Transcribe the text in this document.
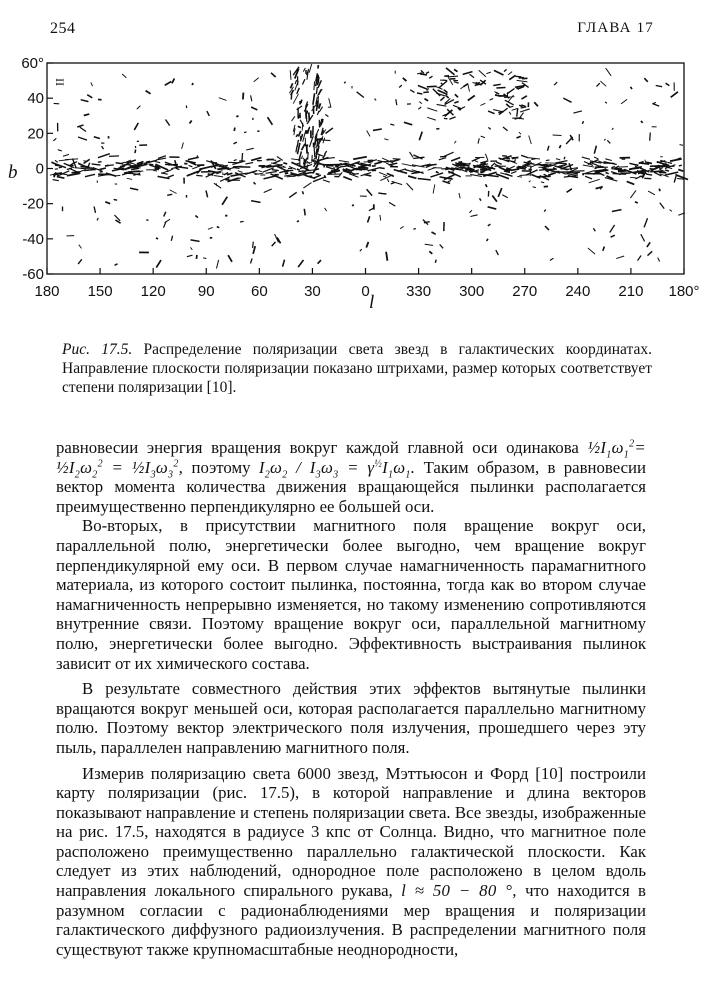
254	ГЛАВА 17
60°
40
20
0
-20
-40
-60
180 150 120 90 60 30	0 330 300 270 240 210 180°
b
l
II
Рис. 17.5. Распределение поляризации света звезд в галактических координатах. Направление плоскости поляризации показано штрихами, размер которых соответствует степени поляризации [10].

равновесии энергия вращения вокруг каждой главной оси одинакова $\frac{1}{2}I_1\omega_1^2=$ $\frac{1}{2}I_2\omega_2^2$ = $\frac{1}{2}I_3\omega_3^2$, поэтому $I_2\omega_2 / I_3\omega_3 = \gamma^{\frac{1}{2}}I_1\omega_1$. Таким образом, в равновесии вектор момента количества движения вращающейся пылинки располагается преимущественно перпендикулярно ее большей оси.

Во-вторых, в присутствии магнитного поля вращение вокруг оси, параллельной полю, энергетически более выгодно, чем вращение вокруг перпендикулярной ему оси. В первом случае намагниченность парамагнитного материала, из которого состоит пылинка, постоянна, тогда как во втором случае намагниченность непрерывно изменяется, но такому изменению сопротивляются внутренние связи. Поэтому вращение вокруг оси, параллельной магнитному полю, энергетически более выгодно. Эффективность выстраивания пылинок зависит от их химического состава.

В результате совместного действия этих эффектов вытянутые пылинки вращаются вокруг меньшей оси, которая располагается параллельно магнитному полю. Поэтому вектор электрического поля излучения, прошедшего через эту пыль, параллелен направлению магнитного поля.

Измерив поляризацию света 6000 звезд, Мэттьюсон и Форд [10] построили карту поляризации (рис. 17.5), в которой направление и длина векторов показывают направление и степень поляризации света. Все звезды, изображенные на рис. 17.5, находятся в радиусе 3 кпс от Солнца. Видно, что магнитное поле расположено преимущественно параллельно галактической плоскости. Как следует из этих наблюдений, однородное поле расположено в целом вдоль направления локального спирального рукава, l ≈ 50 − 80 °, что находится в разумном согласии с радионаблюдениями мер вращения и поляризации галактического диффузного радиоизлучения. В распределении магнитного поля существуют также крупномасштабные неоднородности,
